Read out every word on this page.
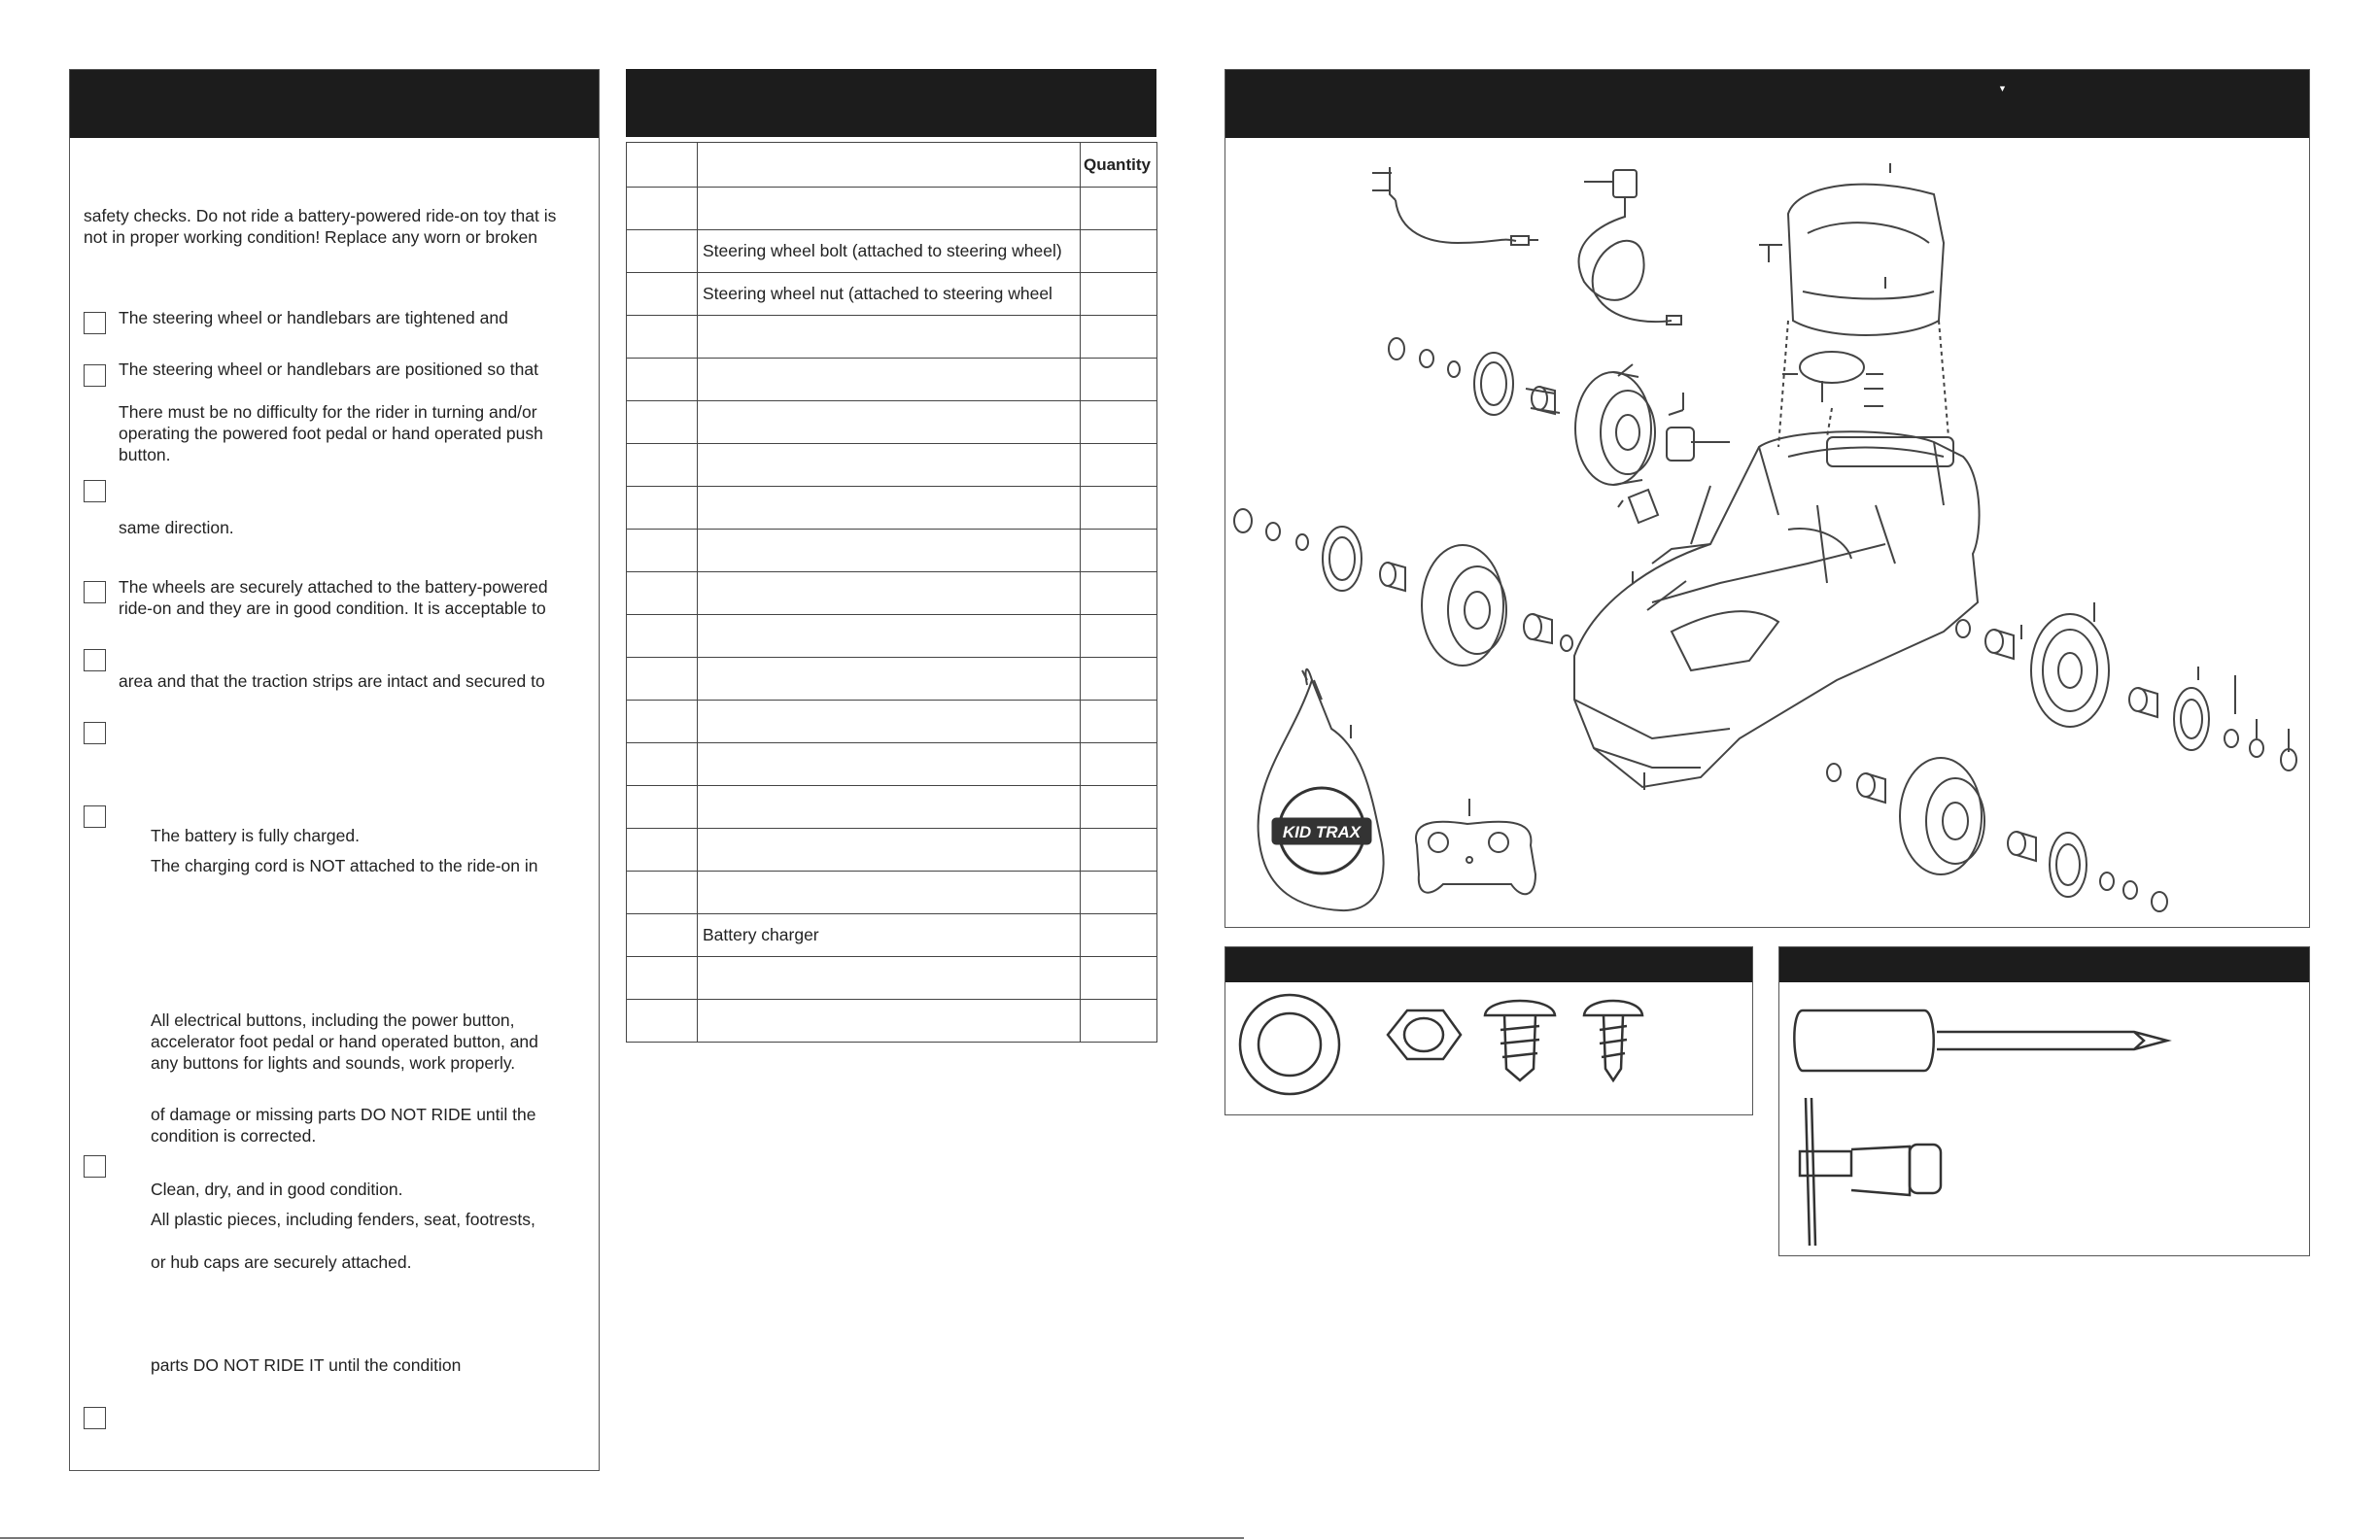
safety checks. Do not ride a battery-powered ride-on toy that is
not in proper working condition! Replace any worn or broken
The steering wheel or handlebars are tightened and
The steering wheel or handlebars are positioned so that
There must be no difficulty for the rider in turning and/or
operating the powered foot pedal or hand operated push
button.
same direction.
The wheels are securely attached to the battery-powered
ride-on and they are in good condition. It is acceptable to
area and that the traction strips are intact and secured to
The battery is fully charged.
The charging cord is NOT attached to the ride-on in
All electrical buttons, including the power button,
accelerator foot pedal or hand operated button, and
any buttons for lights and sounds, work properly.
of damage or missing parts DO NOT RIDE until the
condition is corrected.
Clean, dry, and in good condition.
All plastic pieces, including fenders, seat, footrests,
or hub caps are securely attached.
parts DO NOT RIDE IT until the condition
		Quantity

	Steering wheel bolt (attached to steering wheel)	
	Steering wheel nut (attached to steering wheel	

	Battery charger	

▼
KID TRAX
